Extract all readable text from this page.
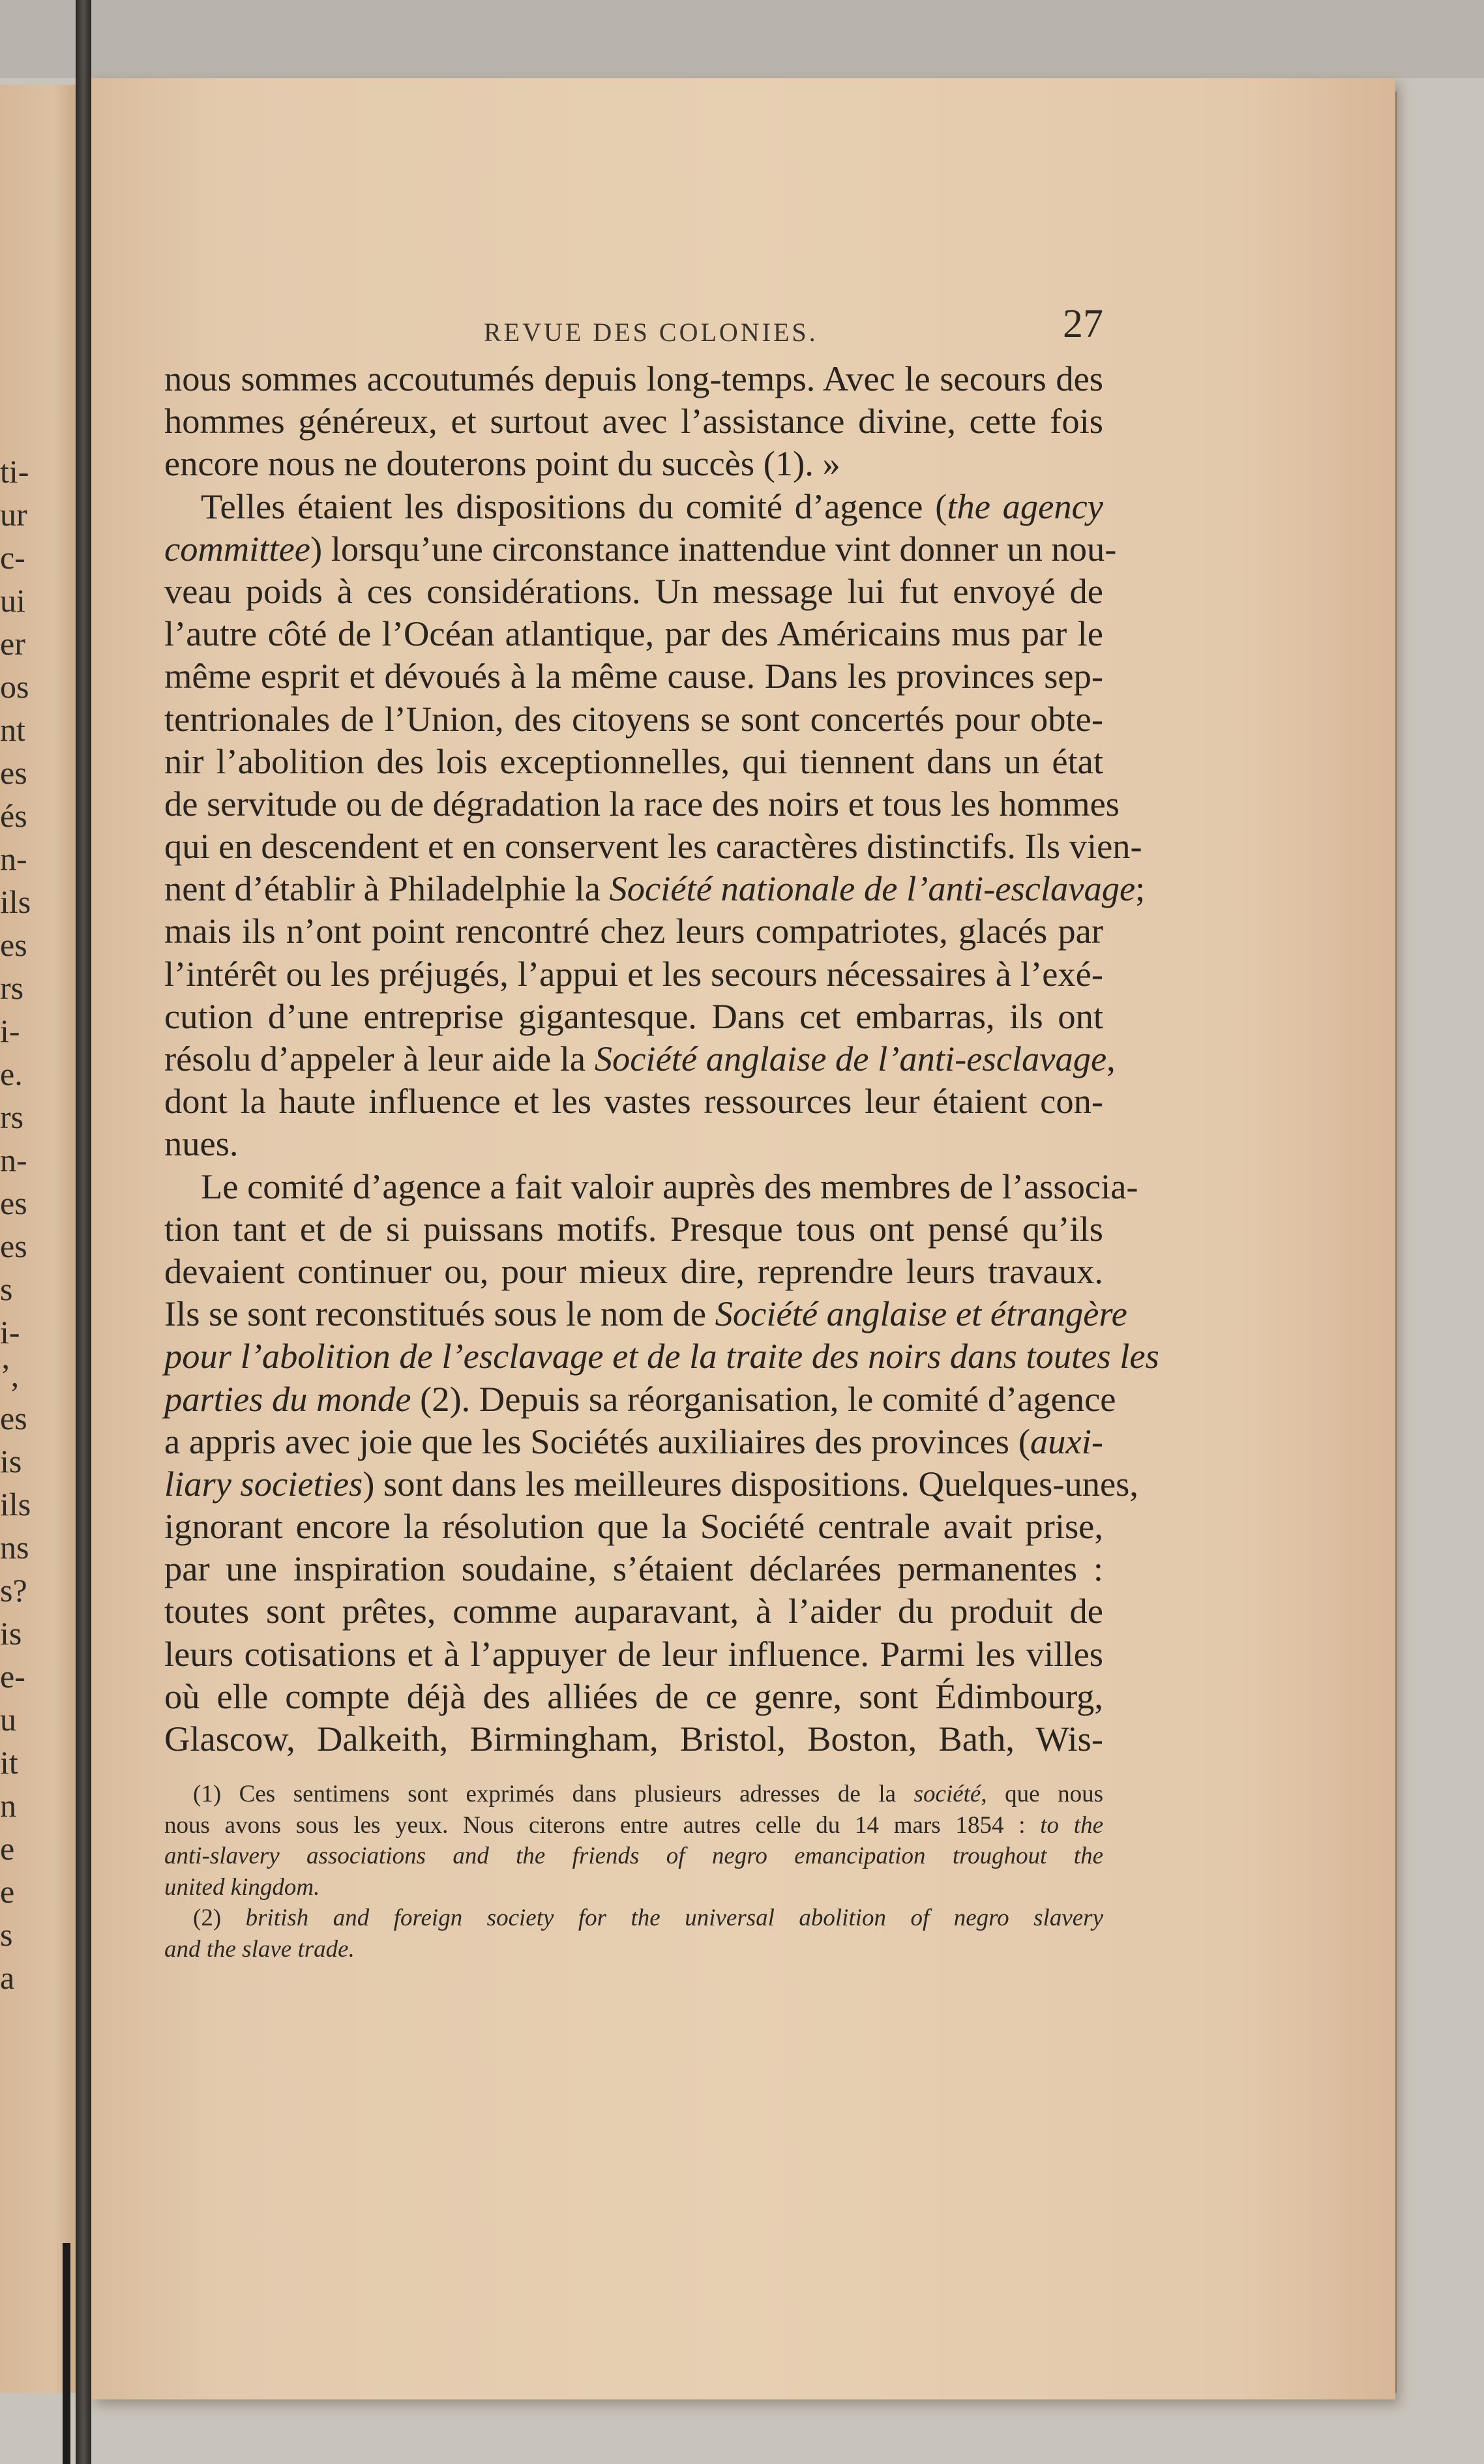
ti-
ur
c-
ui
er
os
nt
es
és
n-
ils
es
rs
i-
e.
rs
n-
es
es
s
i-
’,
es
is
ils
ns
s?
is
e-
u
it
n
e
e
s
a
REVUE DES COLONIES.	27
nous sommes accoutumés depuis long-temps. Avec le secours des
hommes généreux, et surtout avec l’assistance divine, cette fois
encore nous ne douterons point du succès (1). »
Telles étaient les dispositions du comité d’agence (the agency
committee) lorsqu’une circonstance inattendue vint donner un nou-
veau poids à ces considérations. Un message lui fut envoyé de
l’autre côté de l’Océan atlantique, par des Américains mus par le
même esprit et dévoués à la même cause. Dans les provinces sep-
tentrionales de l’Union, des citoyens se sont concertés pour obte-
nir l’abolition des lois exceptionnelles, qui tiennent dans un état
de servitude ou de dégradation la race des noirs et tous les hommes
qui en descendent et en conservent les caractères distinctifs. Ils vien-
nent d’établir à Philadelphie la Société nationale de l’anti-esclavage;
mais ils n’ont point rencontré chez leurs compatriotes, glacés par
l’intérêt ou les préjugés, l’appui et les secours nécessaires à l’exé-
cution d’une entreprise gigantesque. Dans cet embarras, ils ont
résolu d’appeler à leur aide la Société anglaise de l’anti-esclavage,
dont la haute influence et les vastes ressources leur étaient con-
nues.
Le comité d’agence a fait valoir auprès des membres de l’associa-
tion tant et de si puissans motifs. Presque tous ont pensé qu’ils
devaient continuer ou, pour mieux dire, reprendre leurs travaux.
Ils se sont reconstitués sous le nom de Société anglaise et étrangère
pour l’abolition de l’esclavage et de la traite des noirs dans toutes les
parties du monde (2). Depuis sa réorganisation, le comité d’agence
a appris avec joie que les Sociétés auxiliaires des provinces (auxi-
liary societies) sont dans les meilleures dispositions. Quelques-unes,
ignorant encore la résolution que la Société centrale avait prise,
par une inspiration soudaine, s’étaient déclarées permanentes :
toutes sont prêtes, comme auparavant, à l’aider du produit de
leurs cotisations et à l’appuyer de leur influence. Parmi les villes
où elle compte déjà des alliées de ce genre, sont Édimbourg,
Glascow, Dalkeith, Birmingham, Bristol, Boston, Bath, Wis-
(1) Ces sentimens sont exprimés dans plusieurs adresses de la société, que nous
nous avons sous les yeux. Nous citerons entre autres celle du 14 mars 1854 : to the
anti-slavery associations and the friends of negro emancipation troughout the
united kingdom.
(2) british and foreign society for the universal abolition of negro slavery
and the slave trade.
